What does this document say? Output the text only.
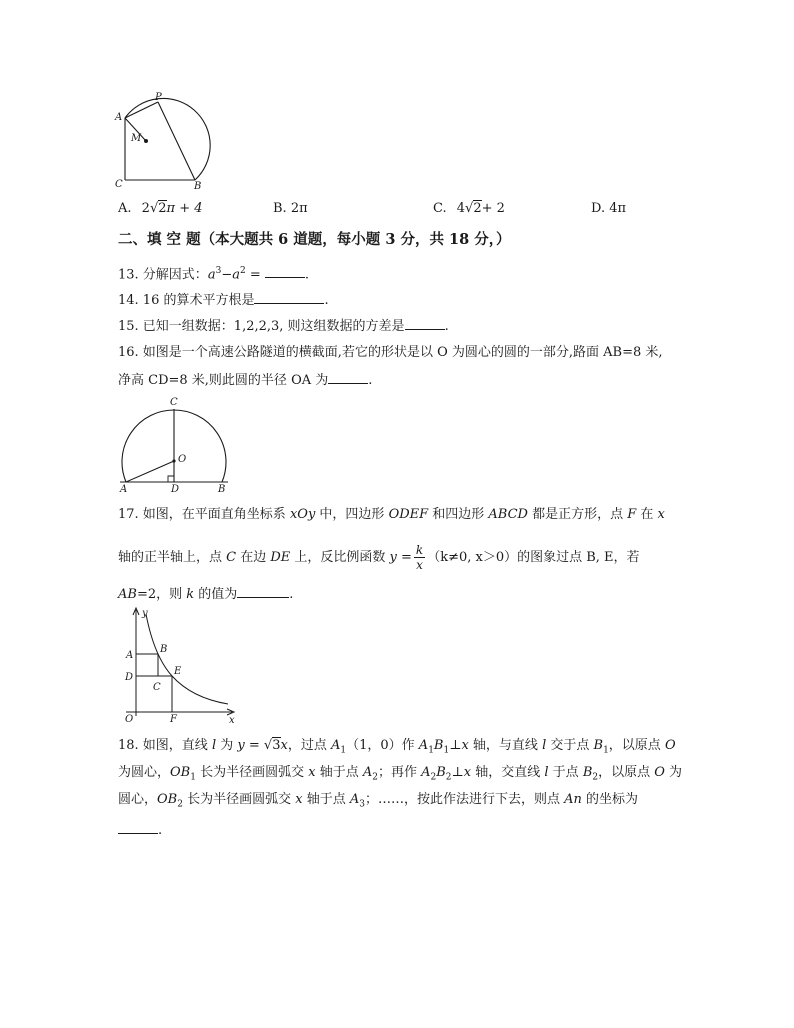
P
A
M
C	B
A. 2√2π + 4	B. 2π	C. 4√2+ 2	D. 4π
二、填 空 题（本大题共 6 道题，每小题 3 分，共 18 分，）
13. 分解因式：$a^3-a^2$ =	.
14. 16 的算术平方根是	.
15. 已知一组数据：1,2,2,3, 则这组数据的方差是	.
16. 如图是一个高速公路隧道的横截面,若它的形状是以 O 为圆心的圆的一部分,路面 AB=8 米,
净高 CD=8 米,则此圆的半径 OA 为	.
C
O
A	D	B
17. 如图，在平面直角坐标系 xOy 中，四边形 ODEF 和四边形 ABCD 都是正方形，点 F 在 x
轴的正半轴上，点 C 在边 DE 上，反比例函数 $y = \frac{k}{x} (k\ne 0$, x＞0）的图象过点 B, E，若
AB=2，则 k 的值为	.
y
A
B
D
E
C
O	F	x
18. 如图，直线 l 为 y = √3x，过点 $A_1(1$，0）作 $A_1B_1\perp x$ 轴，与直线 l 交于点 $B_1$，以原点 O
为圆心，$OB_1$ 长为半径画圆弧交 x 轴于点 $A_2$；再作 $A_2B_2\perp x$ 轴，交直线 l 于点 $B_2$，以原点 O 为
圆心，$OB_2$ 长为半径画圆弧交 x 轴于点 $A_3$；……，按此作法进行下去，则点 An 的坐标为
.
